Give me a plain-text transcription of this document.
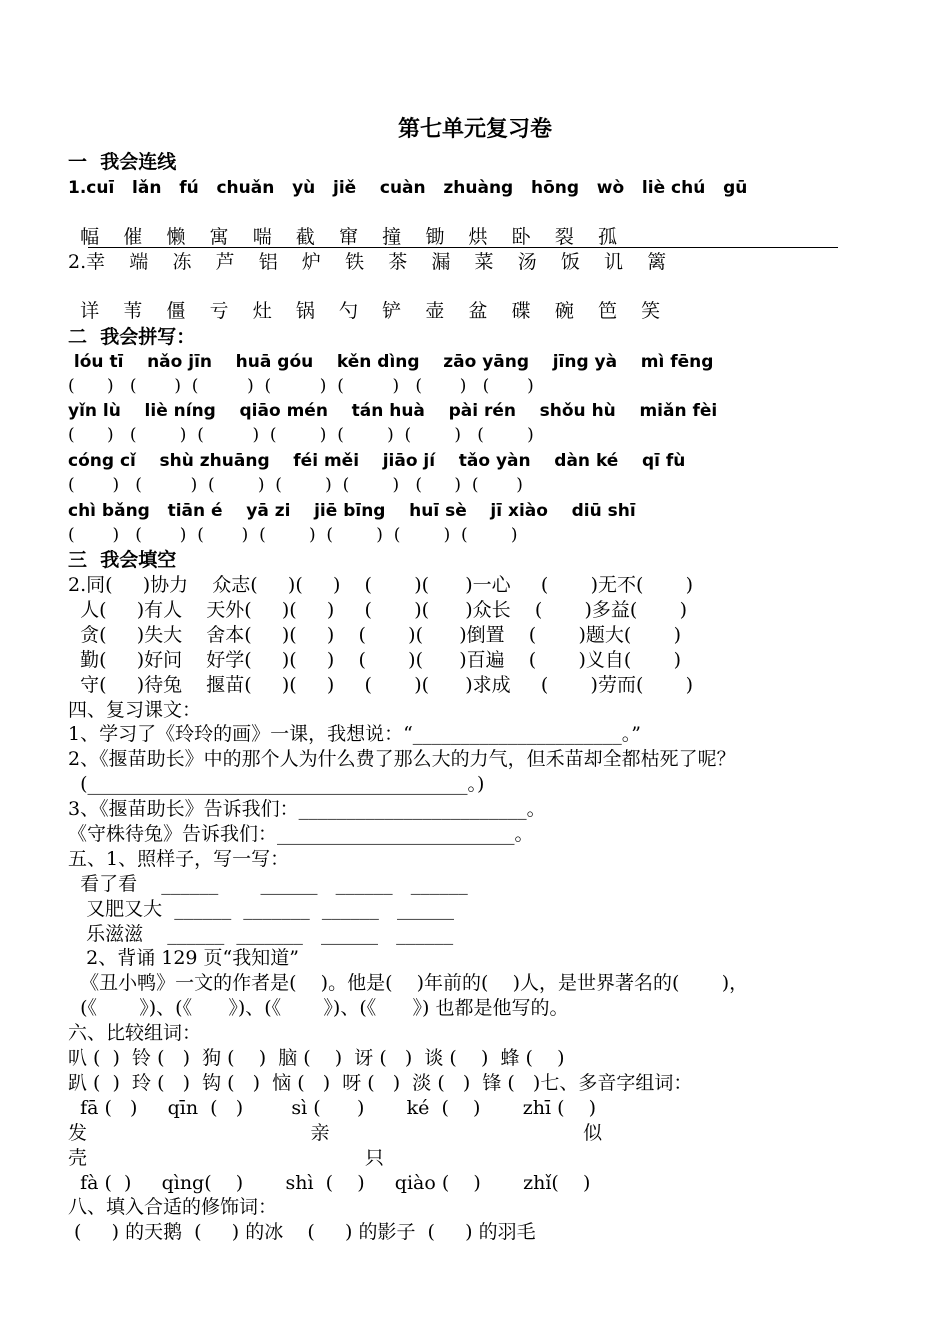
第七单元复习卷
一  我会连线
1.cuī   lǎn   fú   chuǎn   yù   jiě    cuàn   zhuàng   hōng   wò   liè chú   gū
幅    催    懒    寓    喘    截    窜    撞    锄    烘    卧    裂    孤
2.幸    端    冻    芦    铝    炉    铁    茶    漏    菜    汤    饭    讥    篱
详    苇    僵    亏    灶    锅    勺    铲    壶    盆    碟    碗    笆    笑
二  我会拼写：
lóu tī    nǎo jīn    huā góu    kěn dìng    zāo yāng    jīng yà    mì fēng
(      )   (       )  (         )  (         )  (         )   (       )   (       )
yǐn lù    liè níng    qiāo mén    tán huà    pài rén    shǒu hù    miǎn fèi
(      )   (        )  (         )  (        )  (        )  (        )   (        )
cóng cǐ    shù zhuāng    féi měi    jiāo jí    tǎo yàn    dàn ké    qī fù
(       )   (         )  (        )  (        )  (        )   (      )  (       )
chì bǎng   tiān é    yā zi    jiē bīng    huī sè    jī xiào    diū shī
(       )   (       )  (       )  (        )  (        )  (        )  (        )
三  我会填空
2.同(     )协力    众志(     )(     )    (       )(      )一心     (       )无不(       )
人(     )有人    天外(     )(     )     (       )(      )众长    (       )多益(       )
贪(     )失大    舍本(     )(     )    (       )(      )倒置    (       )题大(       )
勤(     )好问    好学(     )(     )    (       )(      )百遍    (       )义自(       )
守(     )待兔    揠苗(     )(     )     (       )(      )求成     (       )劳而(       )
四、复习课文：
1、学习了《玲玲的画》一课，我想说：“______________________。”
2、《揠苗助长》中的那个人为什么费了那么大的力气，但禾苗却全都枯死了呢？
(________________________________________。)
3、《揠苗助长》告诉我们：________________________。
《守株待兔》告诉我们：_________________________。
五、1、照样子，写一写：
看了看    ______       ______   ______   ______
又肥又大  ______  _______  ______   ______
乐滋滋    ______  _______   ______   ______
2、背诵 129 页“我知道”
《丑小鸭》一文的作者是(    )。他是(    )年前的(    )人，是世界著名的(       )，
(《       》)、(《      》)、(《       》)、(《      》) 也都是他写的。
六、比较组词：
叭 (  )  铃 (   )  狗 (    )  脑 (    )  讶 (   )  谈 (    )  蜂 (    )
趴 (  )  玲 (   )  钩 (   )  恼 (   )  呀 (   )  淡 (   )  锋 (   )七、多音字组词：
fā (   )     qīn  (   )        sì (      )       ké  (    )       zhī (    )
发                                     亲                                          似
壳                                              只
fà (  )     qìng(    )       shì  (    )     qiào (    )       zhǐ(    )
八、填入合适的修饰词：
(     ) 的天鹅  (     ) 的冰    (     ) 的影子  (     ) 的羽毛
